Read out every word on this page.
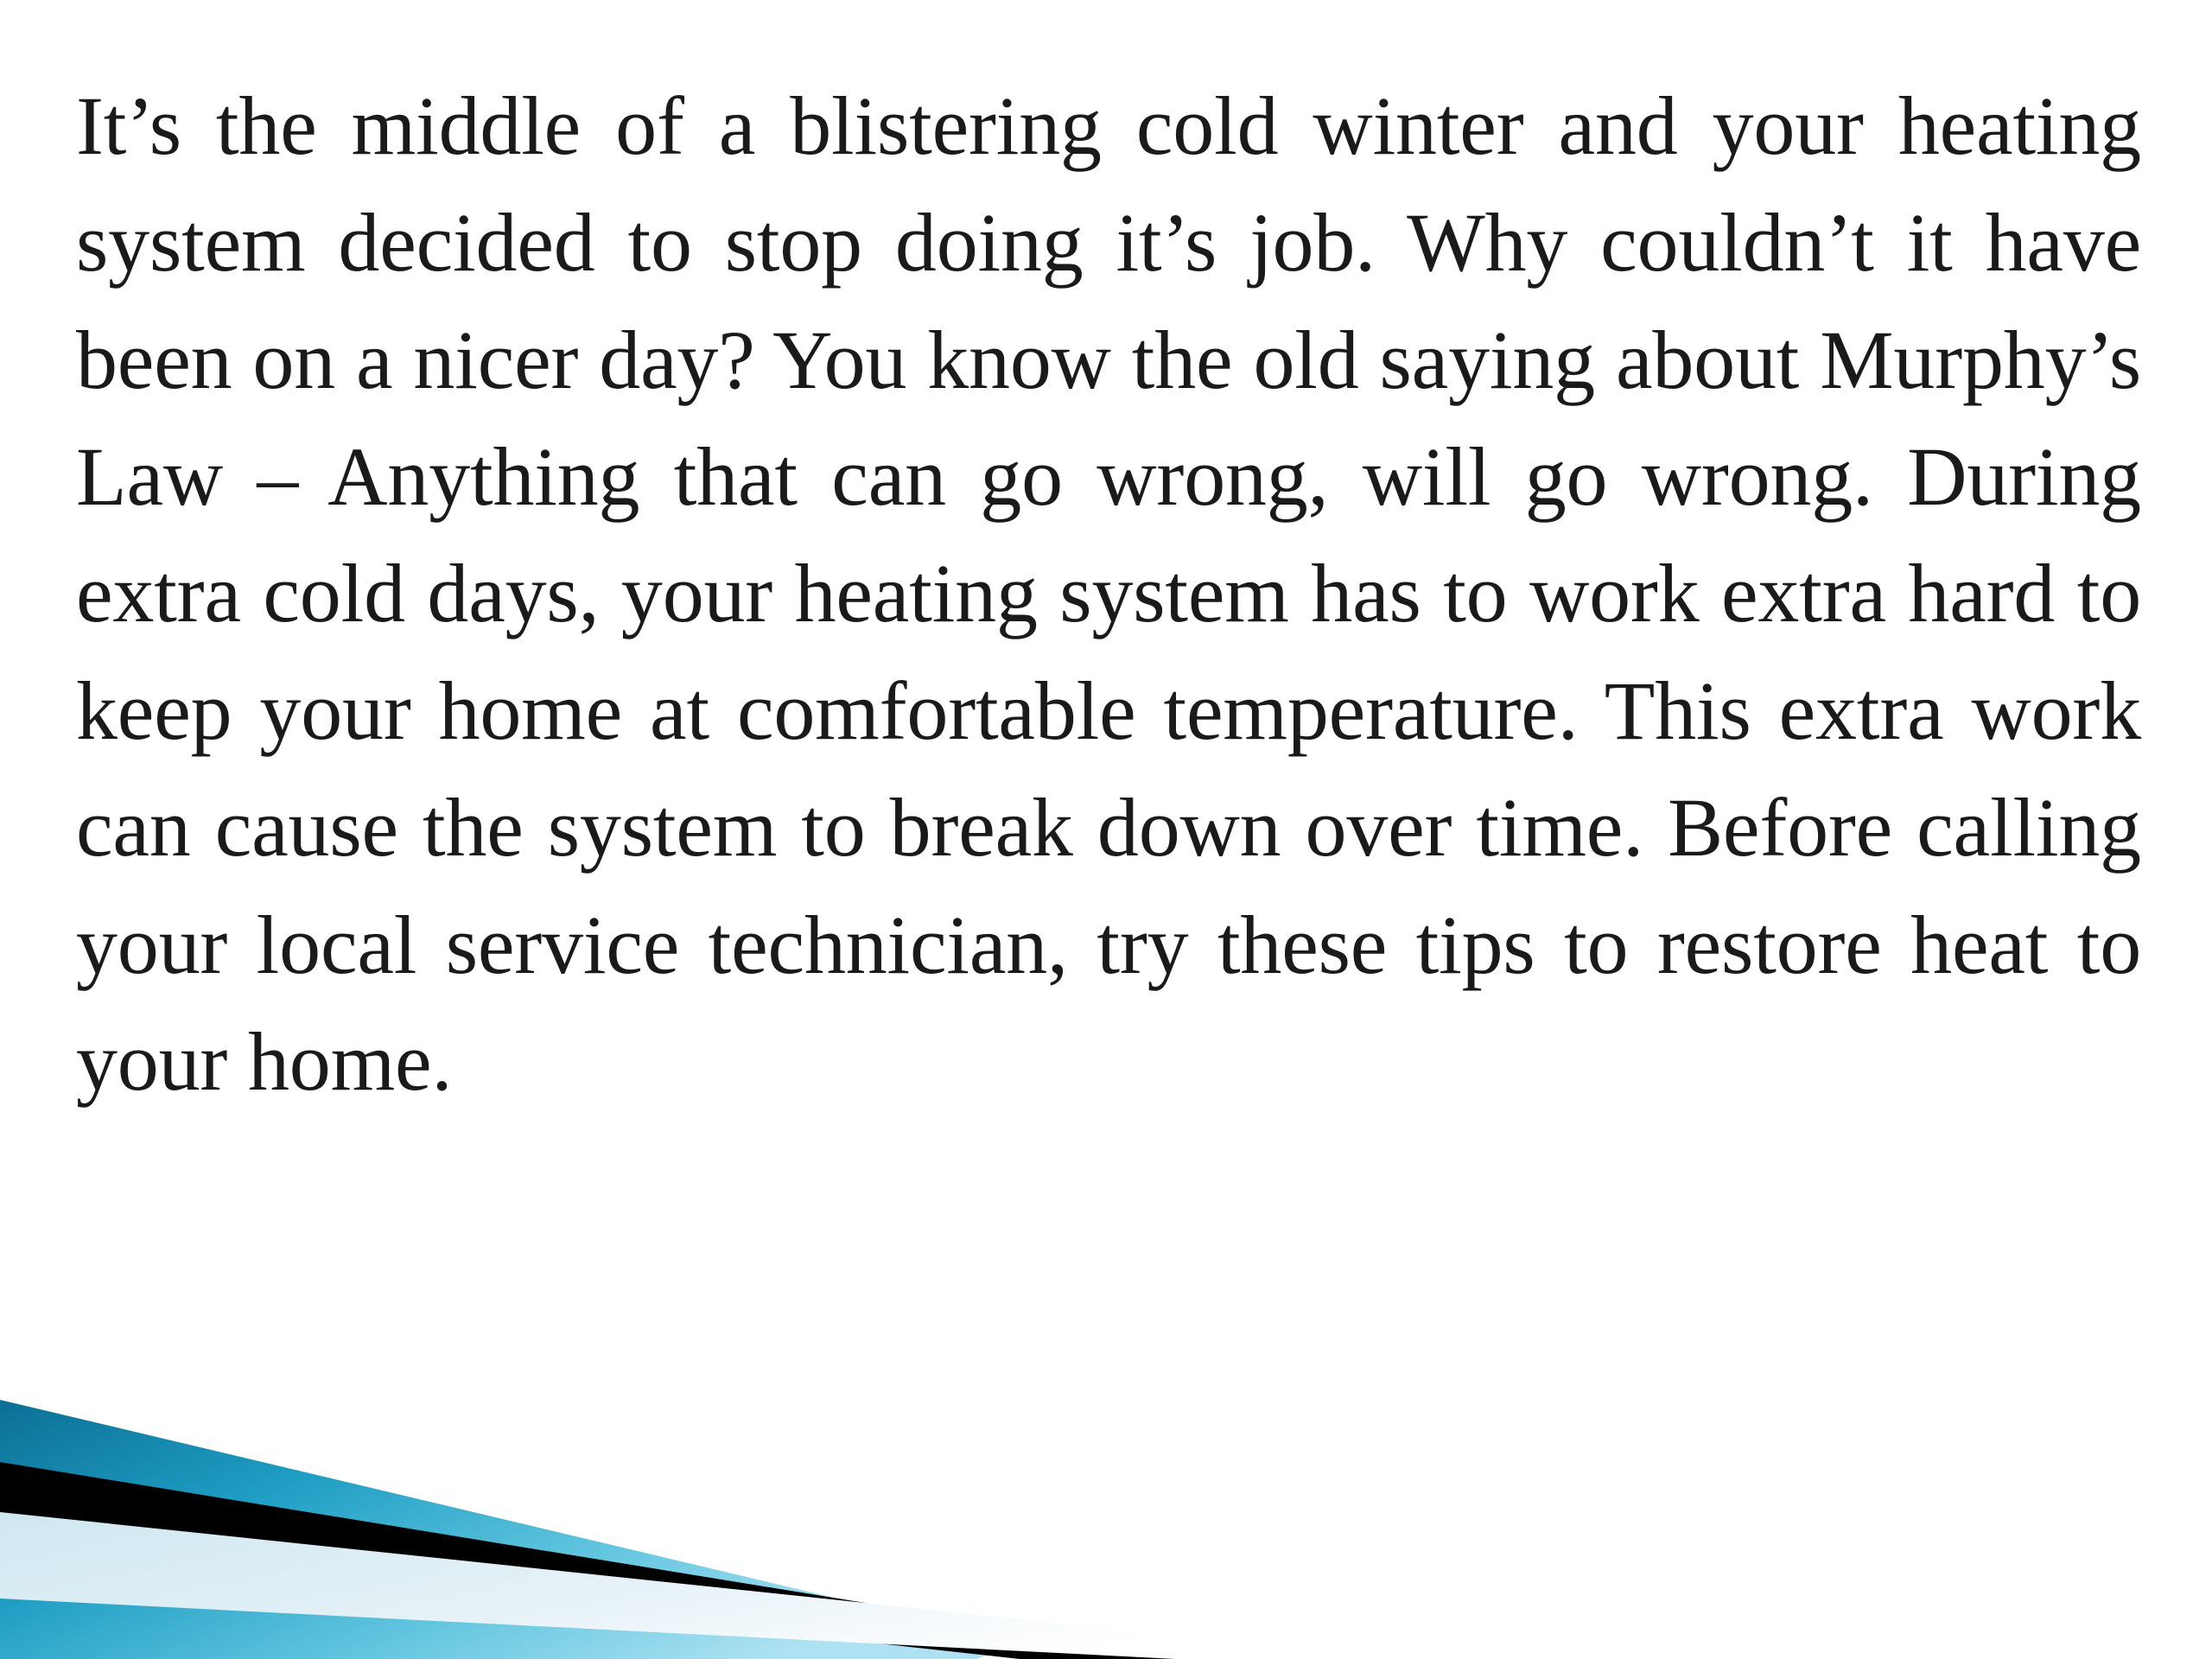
It’s the middle of a blistering cold winter and your heating system decided to stop doing it’s job. Why couldn’t it have been on a nicer day? You know the old saying about Murphy’s Law – Anything that can go wrong, will go wrong. During extra cold days, your heating system has to work extra hard to keep your home at comfortable temperature. This extra work can cause the system to break down over time. Before calling your local service technician, try these tips to restore heat to your home.
